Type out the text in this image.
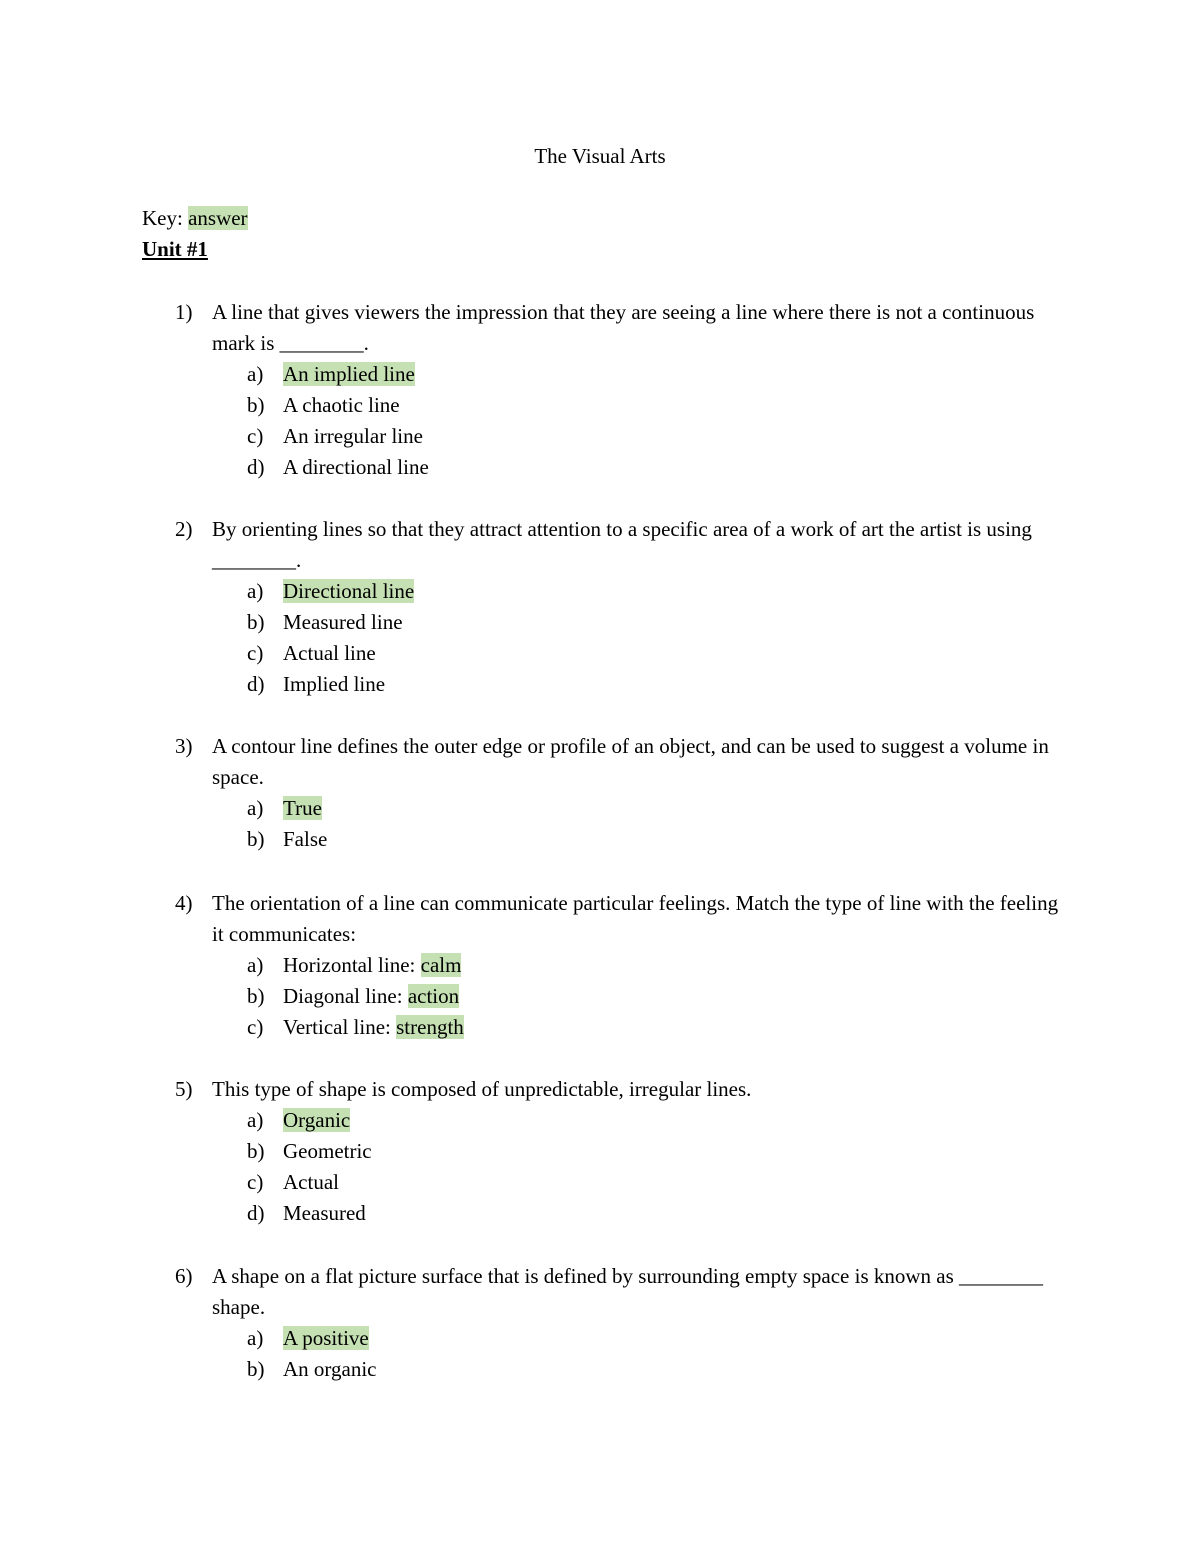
The Visual Arts

Key: answer

Unit #1
1) A line that gives viewers the impression that they are seeing a line where there is not a continuous mark is ________.
a) An implied line
b) A chaotic line
c) An irregular line
d) A directional line
2) By orienting lines so that they attract attention to a specific area of a work of art the artist is using ________.
a) Directional line
b) Measured line
c) Actual line
d) Implied line
3) A contour line defines the outer edge or profile of an object, and can be used to suggest a volume in space.
a) True
b) False
4) The orientation of a line can communicate particular feelings. Match the type of line with the feeling it communicates:
a) Horizontal line: calm
b) Diagonal line: action
c) Vertical line: strength
5) This type of shape is composed of unpredictable, irregular lines.
a) Organic
b) Geometric
c) Actual
d) Measured
6) A shape on a flat picture surface that is defined by surrounding empty space is known as ________ shape.
a) A positive
b) An organic
